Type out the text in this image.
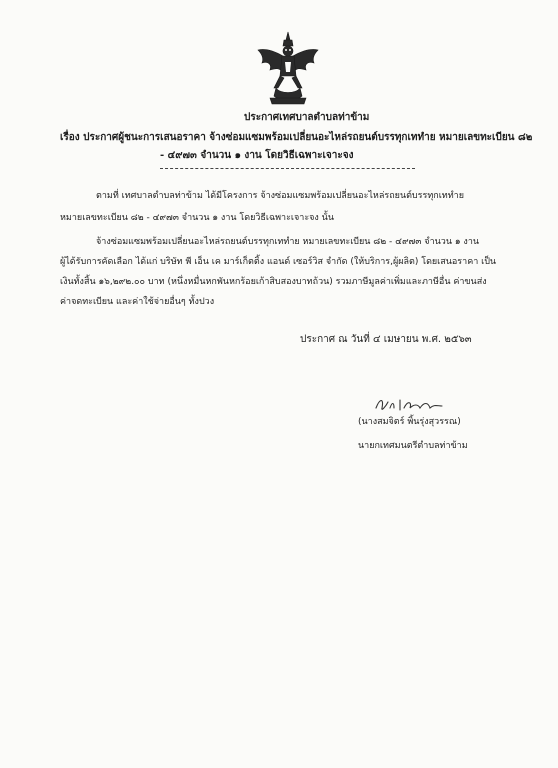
ประกาศเทศบาลตำบลท่าข้าม
เรื่อง ประกาศผู้ชนะการเสนอราคา จ้างซ่อมแซมพร้อมเปลี่ยนอะไหล่รถยนต์บรรทุกเททำย หมายเลขทะเบียน ๘๒
- ๔๙๗๓ จำนวน ๑ งาน โดยวิธีเฉพาะเจาะจง
ตามที่ เทศบาลตำบลท่าข้าม ได้มีโครงการ จ้างซ่อมแซมพร้อมเปลี่ยนอะไหล่รถยนต์บรรทุกเททำย
หมายเลขทะเบียน ๘๒ - ๔๙๗๓ จำนวน ๑ งาน โดยวิธีเฉพาะเจาะจง นั้น
จ้างซ่อมแซมพร้อมเปลี่ยนอะไหล่รถยนต์บรรทุกเททำย หมายเลขทะเบียน ๘๒ - ๔๙๗๓ จำนวน ๑ งาน
ผู้ได้รับการคัดเลือก ได้แก่ บริษัท พี เอ็น เค มาร์เก็ตติ้ง แอนด์ เซอร์วิส จำกัด (ให้บริการ,ผู้ผลิต) โดยเสนอราคา เป็น
เงินทั้งสิ้น ๑๖,๒๙๒.๐๐ บาท (หนึ่งหมื่นหกพันหกร้อยเก้าสิบสองบาทถ้วน) รวมภาษีมูลค่าเพิ่มและภาษีอื่น ค่าขนส่ง
ค่าจดทะเบียน และค่าใช้จ่ายอื่นๆ ทั้งปวง
ประกาศ ณ วันที่ ๔ เมษายน พ.ศ. ๒๕๖๓
(นางสมจิตร์ พิ้นรุ่งสุวรรณ)
นายกเทศมนตรีตำบลท่าข้าม
